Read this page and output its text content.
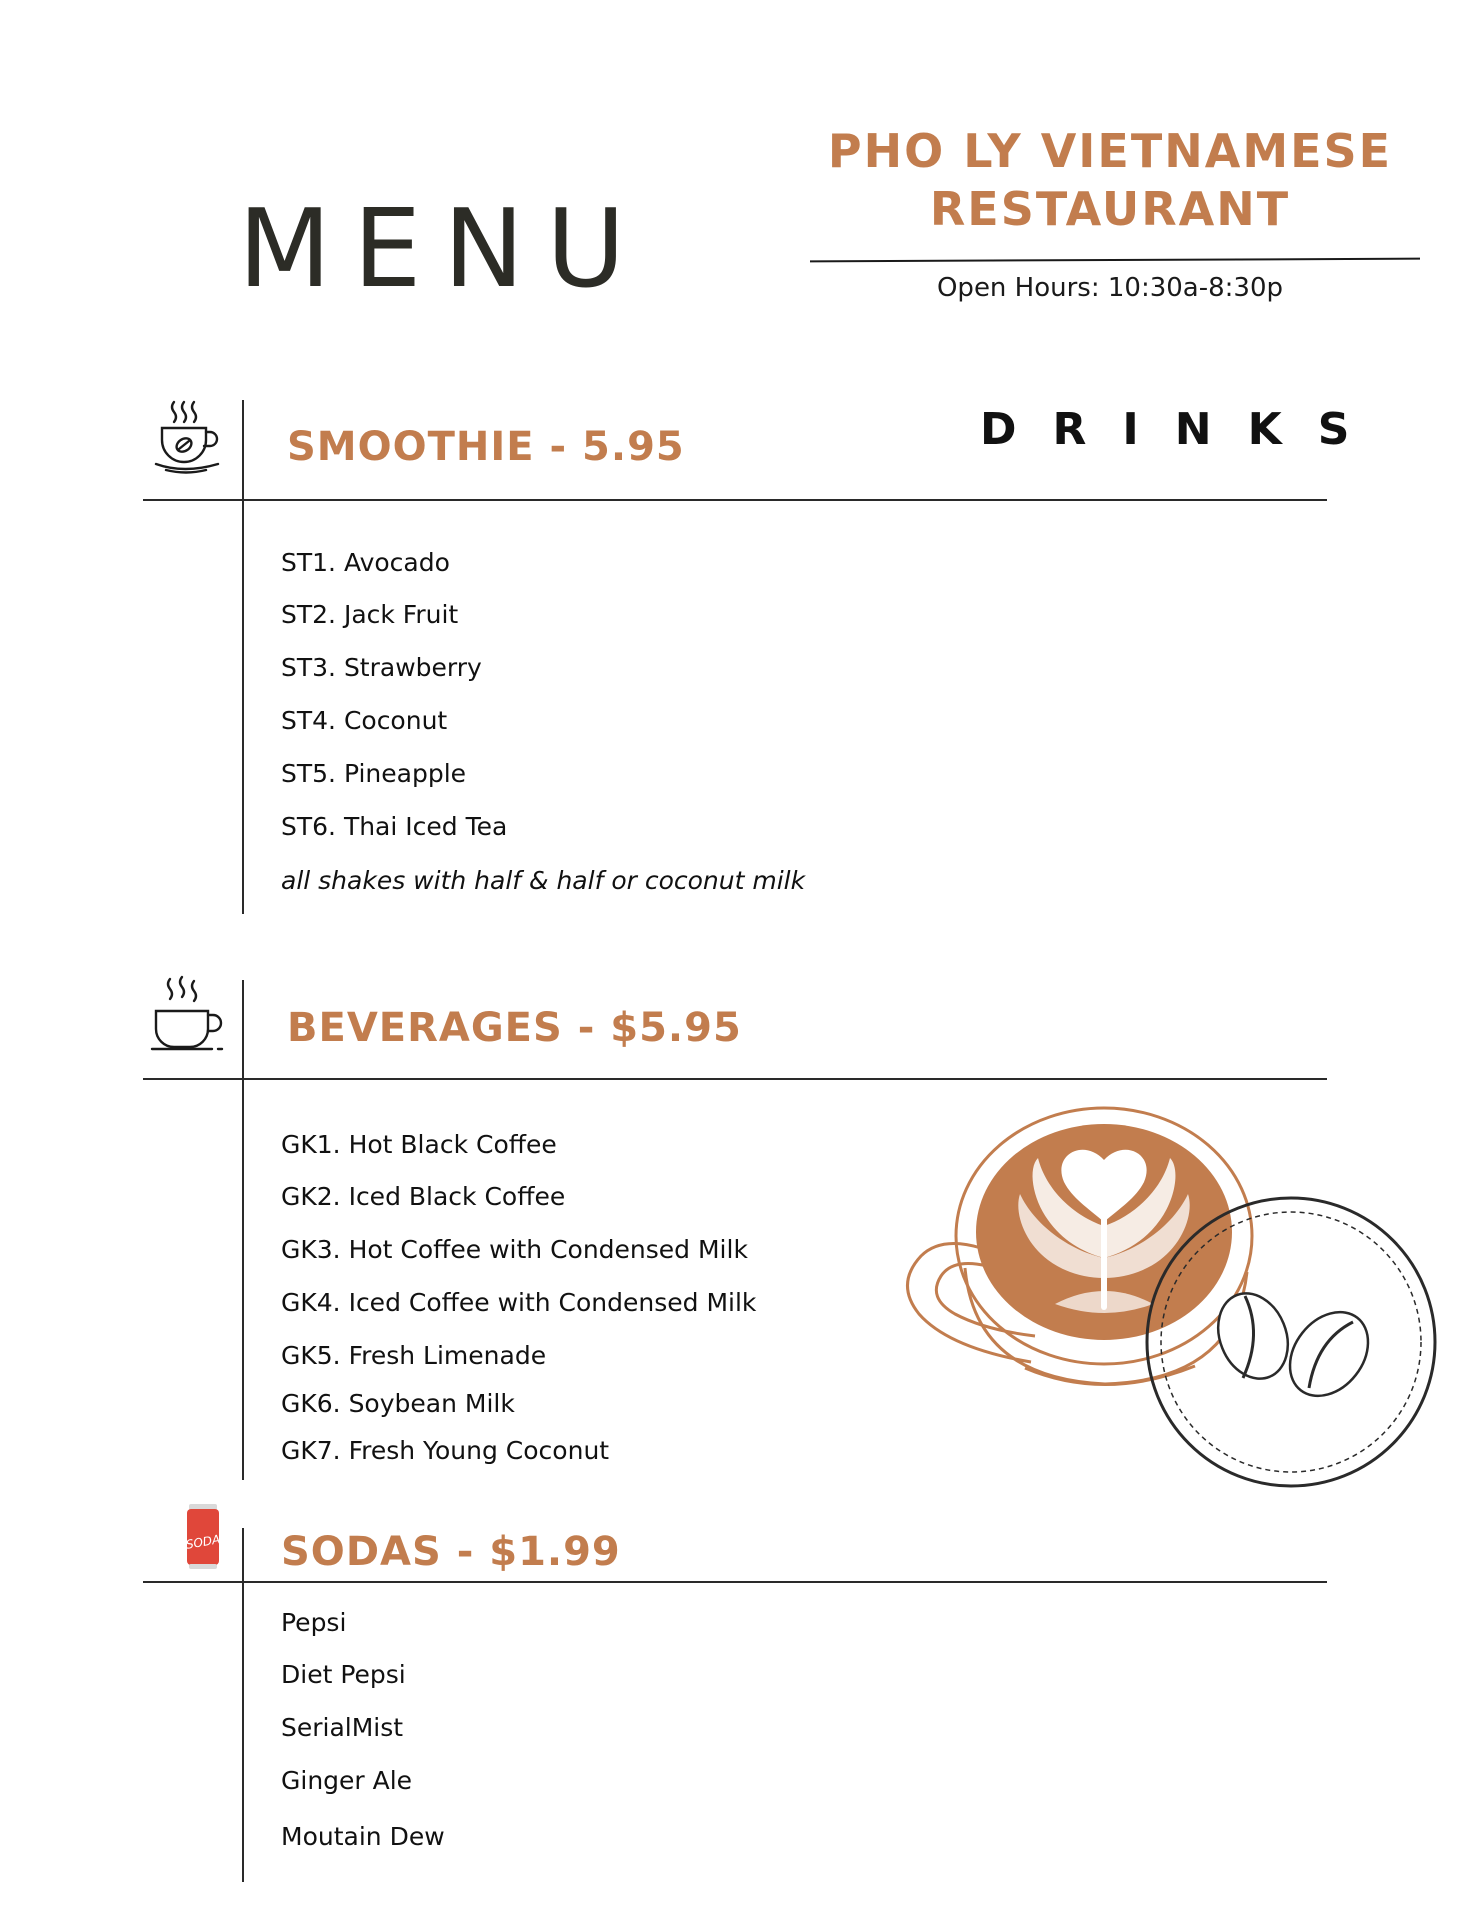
MENU
PHO LY VIETNAMESE
RESTAURANT
Open Hours: 10:30a-8:30p
DRINKS
SMOOTHIE - 5.95
ST1. Avocado
ST2. Jack Fruit
ST3. Strawberry
ST4. Coconut
ST5. Pineapple
ST6. Thai Iced Tea
all shakes with half & half or coconut milk
BEVERAGES - $5.95
GK1. Hot Black Coffee
GK2. Iced Black Coffee
GK3. Hot Coffee with Condensed Milk
GK4. Iced Coffee with Condensed Milk
GK5. Fresh Limenade
GK6. Soybean Milk
GK7. Fresh Young Coconut
SODA SODAS - $1.99
Pepsi
Diet Pepsi
SerialMist
Ginger Ale
Moutain Dew
